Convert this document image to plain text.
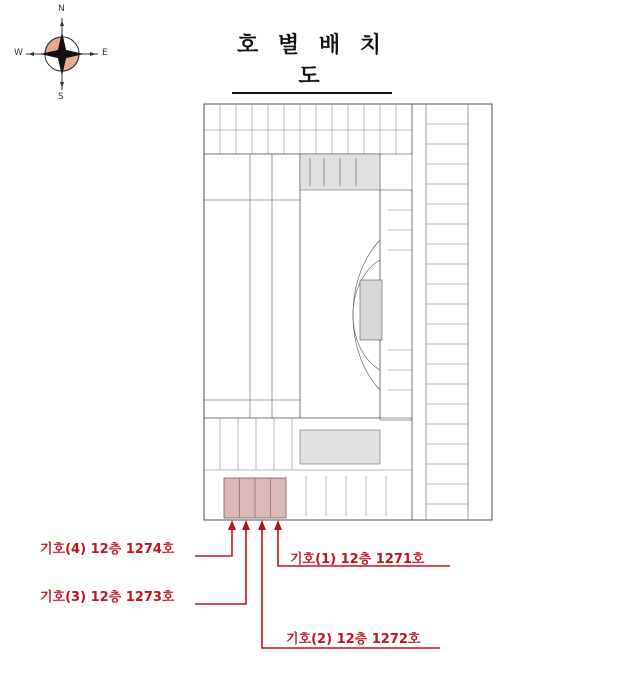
N
S
W	E	호 별 배 치 도
기호(4) 12층 1274호
기호(1) 12층 1271호
기호(3) 12층 1273호
기호(2) 12층 1272호
